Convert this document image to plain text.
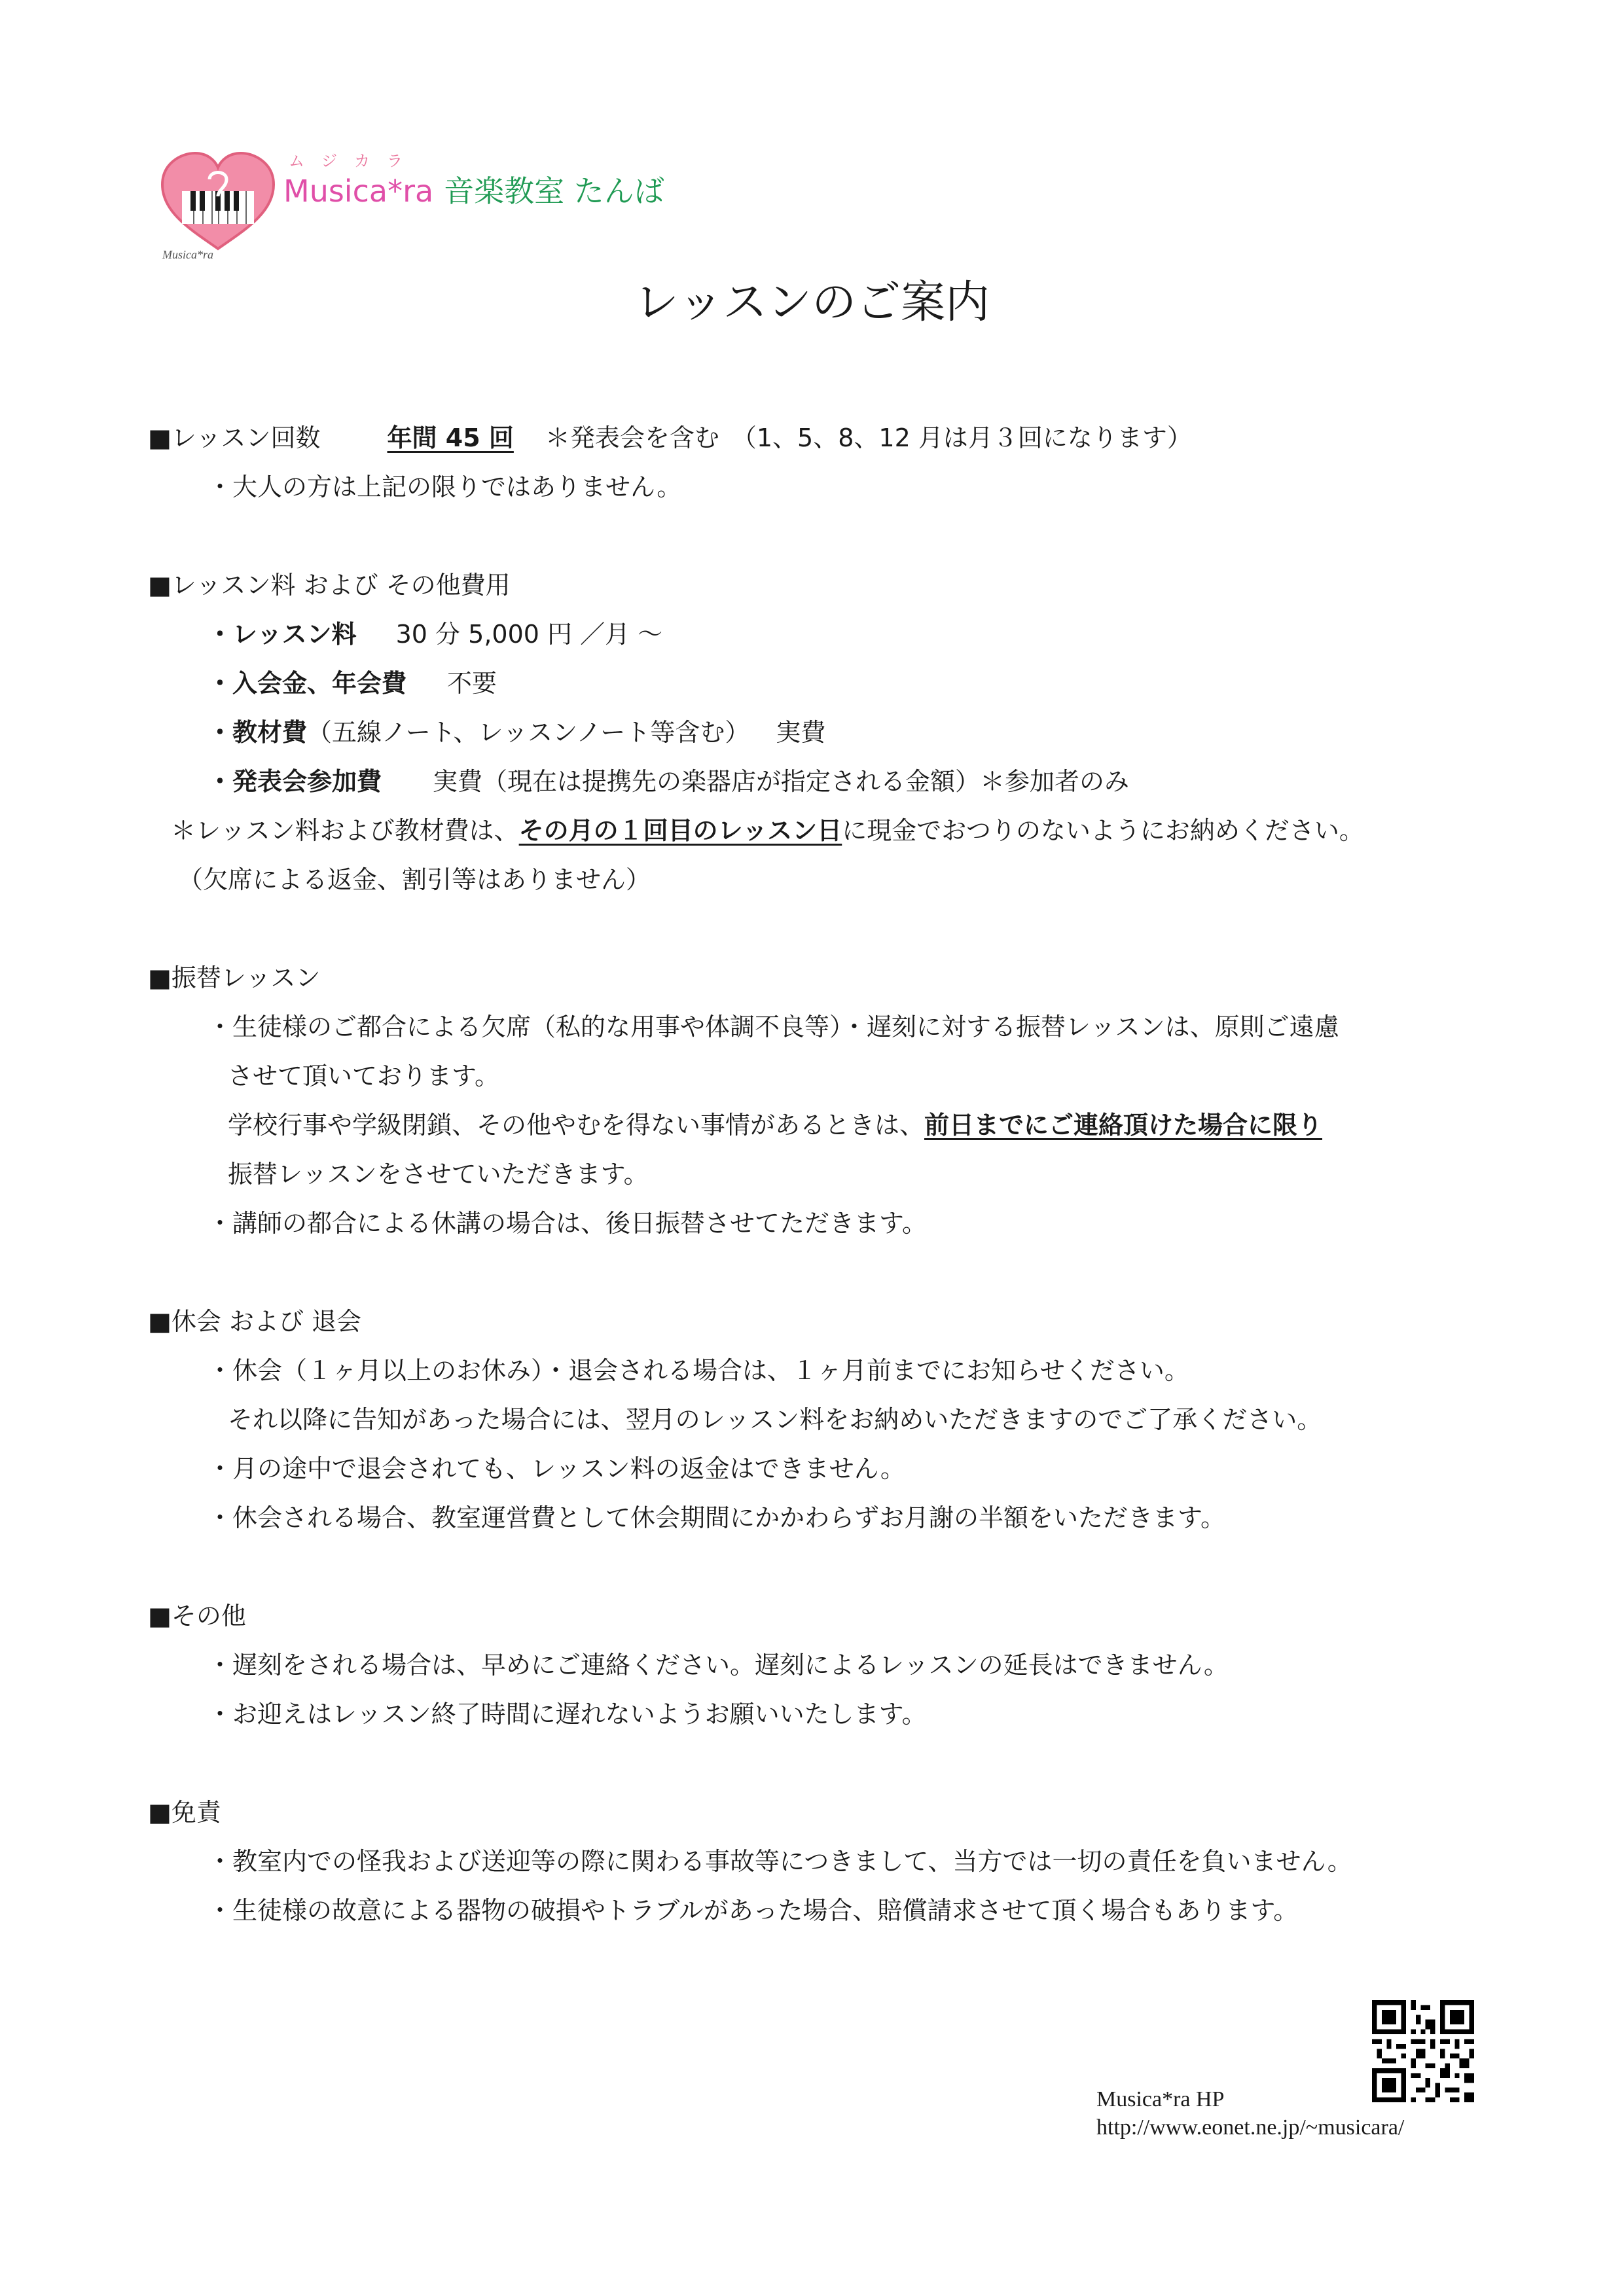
Musica*ra
ムジカラ
Musica*ra 音楽教室 たんば
レッスンのご案内
■レッスン回数	年間 45 回 ＊発表会を含む　（1、5、8、12 月は月３回になります）
・大人の方は上記の限りではありません。
■レッスン料 および その他費用
・レッスン料 30 分 5,000 円 ／月 ～
・入会金、年会費 不要
・教材費（五線ノート、レッスンノート等含む） 実費
・発表会参加費 実費（現在は提携先の楽器店が指定される金額）＊参加者のみ
＊レッスン料および教材費は、その月の１回目のレッスン日に現金でおつりのないようにお納めください。
（欠席による返金、割引等はありません）
■振替レッスン
・生徒様のご都合による欠席（私的な用事や体調不良等）・遅刻に対する振替レッスンは、原則ご遠慮
させて頂いております。
学校行事や学級閉鎖、その他やむを得ない事情があるときは、前日までにご連絡頂けた場合に限り
振替レッスンをさせていただきます。
・講師の都合による休講の場合は、後日振替させてただきます。
■休会 および 退会
・休会（１ヶ月以上のお休み）・退会される場合は、１ヶ月前までにお知らせください。
それ以降に告知があった場合には、翌月のレッスン料をお納めいただきますのでご了承ください。
・月の途中で退会されても、レッスン料の返金はできません。
・休会される場合、教室運営費として休会期間にかかわらずお月謝の半額をいただきます。
■その他
・遅刻をされる場合は、早めにご連絡ください。遅刻によるレッスンの延長はできません。
・お迎えはレッスン終了時間に遅れないようお願いいたします。
■免責
・教室内での怪我および送迎等の際に関わる事故等につきまして、当方では一切の責任を負いません。
・生徒様の故意による器物の破損やトラブルがあった場合、賠償請求させて頂く場合もあります。
Musica*ra HP
http://www.eonet.ne.jp/~musicara/
